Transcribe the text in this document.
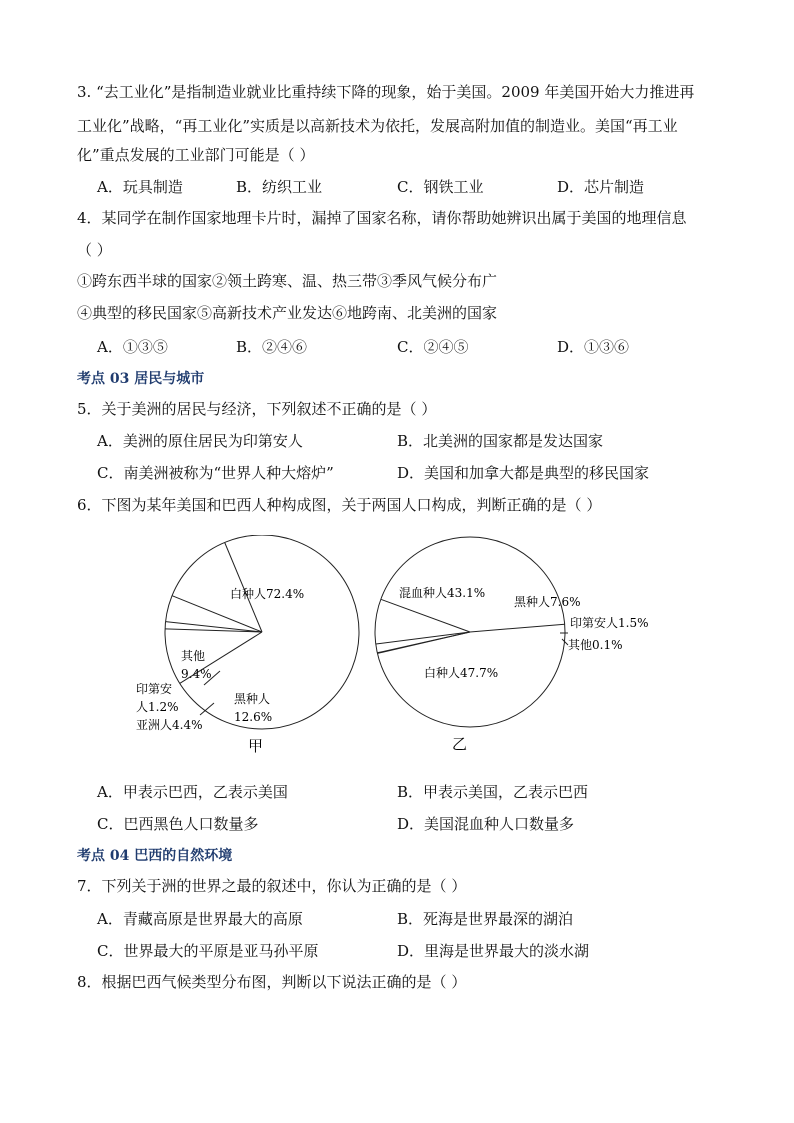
3. “去工业化”是指制造业就业比重持续下降的现象，始于美国。2009 年美国开始大力推进再
工业化”战略，“再工业化”实质是以高新技术为依托，发展高附加值的制造业。美国“再工业
化”重点发展的工业部门可能是（ ）
A．玩具制造	B．纺织工业	C．钢铁工业	D．芯片制造
4．某同学在制作国家地理卡片时，漏掉了国家名称，请你帮助她辨识出属于美国的地理信息
（ ）
①跨东西半球的国家②领土跨寒、温、热三带③季风气候分布广
④典型的移民国家⑤高新技术产业发达⑥地跨南、北美洲的国家
A．①③⑤	B．②④⑥	C．②④⑤	D．①③⑥
考点 03 居民与城市
5．关于美洲的居民与经济，下列叙述不正确的是（ ）
A．美洲的原住居民为印第安人	B．北美洲的国家都是发达国家
C．南美洲被称为“世界人种大熔炉”	D．美国和加拿大都是典型的移民国家
6．下图为某年美国和巴西人种构成图，关于两国人口构成，判断正确的是（ ）
白种人72.4%
其他
9.4%
印第安
人1.2%
亚洲人4.4%
黑种人
12.6%
甲
混血种人43.1%
黑种人7.6%
印第安人1.5%
其他0.1%
白种人47.7%
乙
A．甲表示巴西，乙表示美国	B．甲表示美国，乙表示巴西
C．巴西黑色人口数量多	D．美国混血种人口数量多
考点 04 巴西的自然环境
7．下列关于洲的世界之最的叙述中，你认为正确的是（ ）
A．青藏高原是世界最大的高原	B．死海是世界最深的湖泊
C．世界最大的平原是亚马孙平原	D．里海是世界最大的淡水湖
8．根据巴西气候类型分布图，判断以下说法正确的是（ ）
